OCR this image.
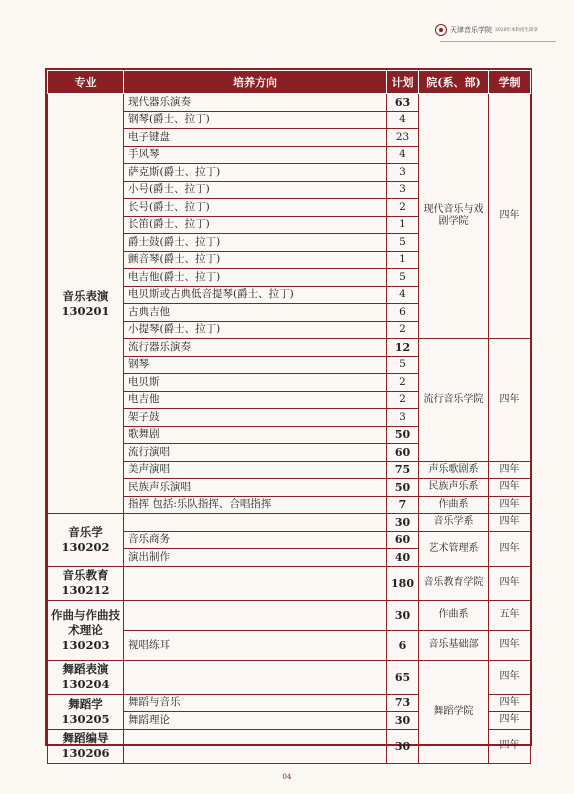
天津音乐学院 2020年本科招生简章
专业	培养方向	计划	院(系、部)	学制
音乐表演
130201	现代器乐演奏	63	现代音乐与戏剧学院	四年
	钢琴(爵士、拉丁)	4		
	电子键盘	23		
	手风琴	4		
	萨克斯(爵士、拉丁)	3		
	小号(爵士、拉丁)	3		
	长号(爵士、拉丁)	2		
	长笛(爵士、拉丁)	1		
	爵士鼓(爵士、拉丁)	5		
	颤音琴(爵士、拉丁)	1		
	电吉他(爵士、拉丁)	5		
	电贝斯或古典低音提琴(爵士、拉丁)	4		
	古典吉他	6		
	小提琴(爵士、拉丁)	2		
	流行器乐演奏	12	流行音乐学院	四年
	钢琴	5		
	电贝斯	2		
	电吉他	2		
	架子鼓	3		
	歌舞剧	50		
	流行演唱	60		
	美声演唱	75	声乐歌剧系	四年
	民族声乐演唱	50	民族声乐系	四年
	指挥 包括:乐队指挥、合唱指挥	7	作曲系	四年
音乐学
130202		30	音乐学系	四年
	音乐商务	60	艺术管理系	四年
	演出制作	40		
音乐教育
130212		180	音乐教育学院	四年
作曲与作曲技术理论
130203		30	作曲系	五年
	视唱练耳	6	音乐基础部	四年
舞蹈表演
130204		65	舞蹈学院	四年
舞蹈学
130205	舞蹈与音乐	73		四年
	舞蹈理论	30		四年
舞蹈编导
130206		30		四年
04
